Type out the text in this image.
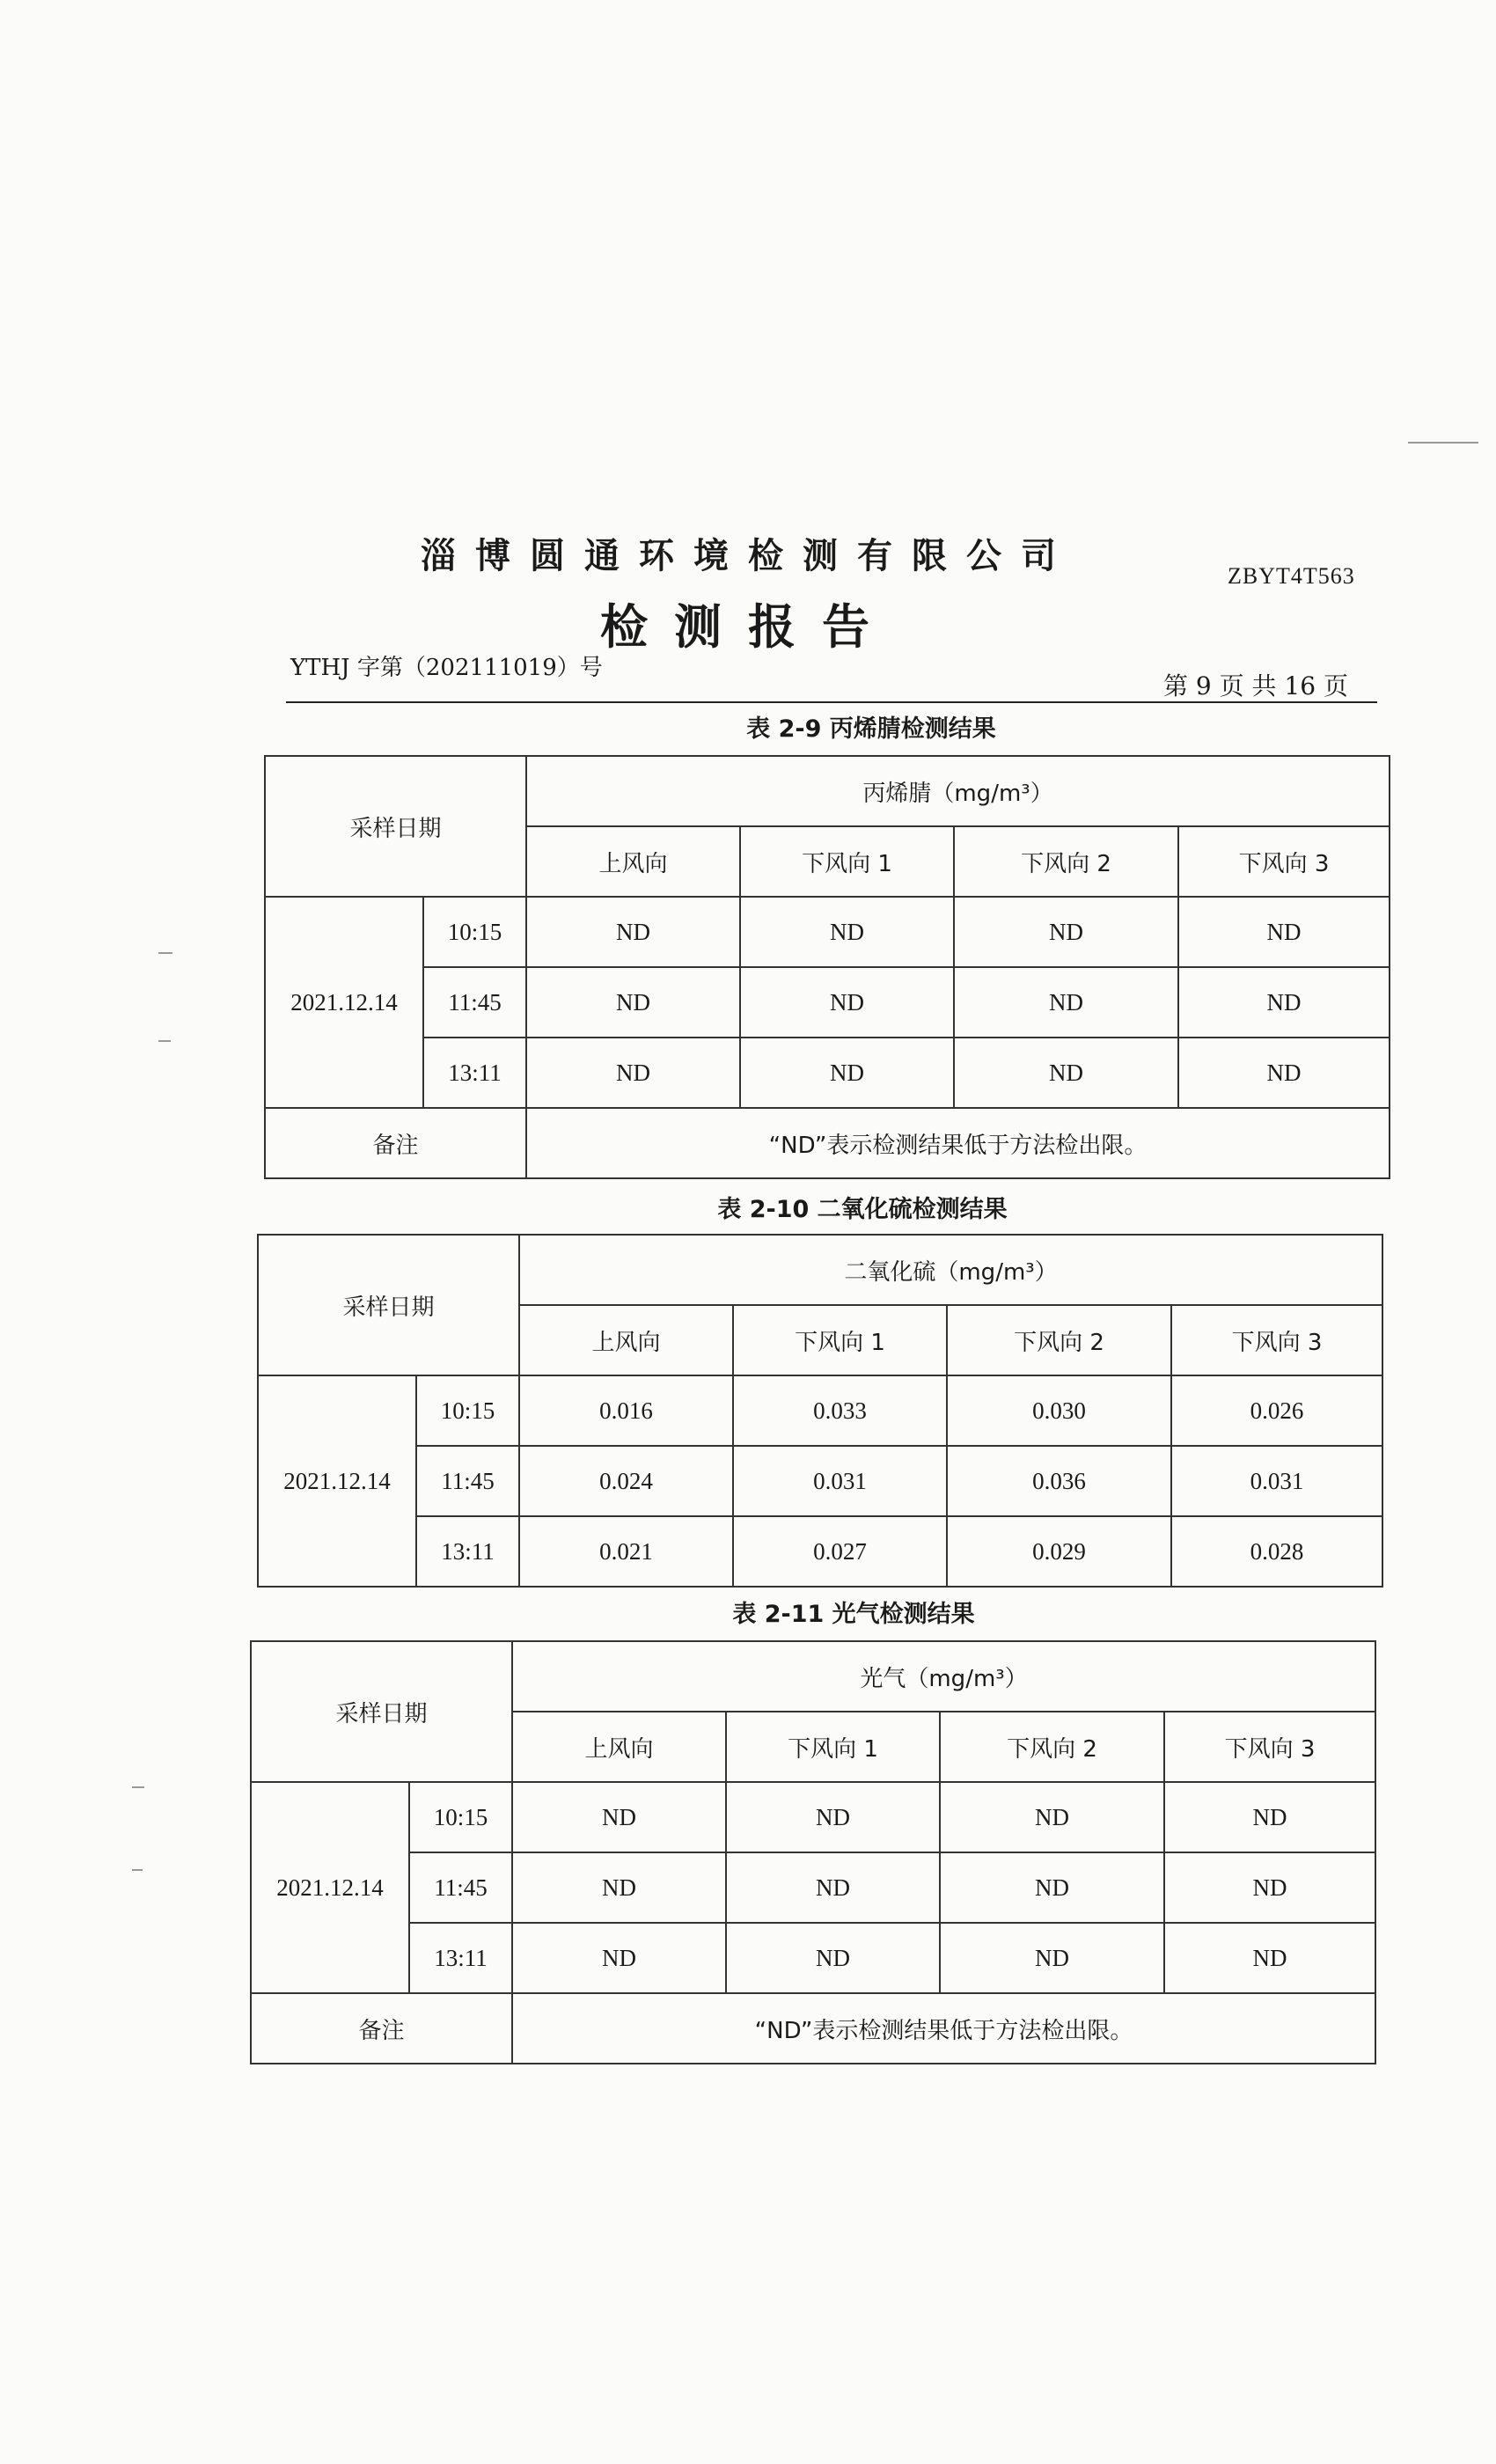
淄博圆通环境检测有限公司	ZBYT4T563
检测报告
YTHJ 字第（202111019）号
第 9 页 共 16 页
表 2-9 丙烯腈检测结果
采样日期		丙烯腈（mg/m³）			
		上风向	下风向 1	下风向 2	下风向 3
2021.12.14	10:15	ND	ND	ND	ND
	11:45	ND	ND	ND	ND
	13:11	ND	ND	ND	ND
备注		“ND”表示检测结果低于方法检出限。			
表 2-10 二氧化硫检测结果
采样日期		二氧化硫（mg/m³）			
		上风向	下风向 1	下风向 2	下风向 3
2021.12.14	10:15	0.016	0.033	0.030	0.026
	11:45	0.024	0.031	0.036	0.031
	13:11	0.021	0.027	0.029	0.028
表 2-11 光气检测结果
采样日期		光气（mg/m³）			
		上风向	下风向 1	下风向 2	下风向 3
2021.12.14	10:15	ND	ND	ND	ND
	11:45	ND	ND	ND	ND
	13:11	ND	ND	ND	ND
备注		“ND”表示检测结果低于方法检出限。			
